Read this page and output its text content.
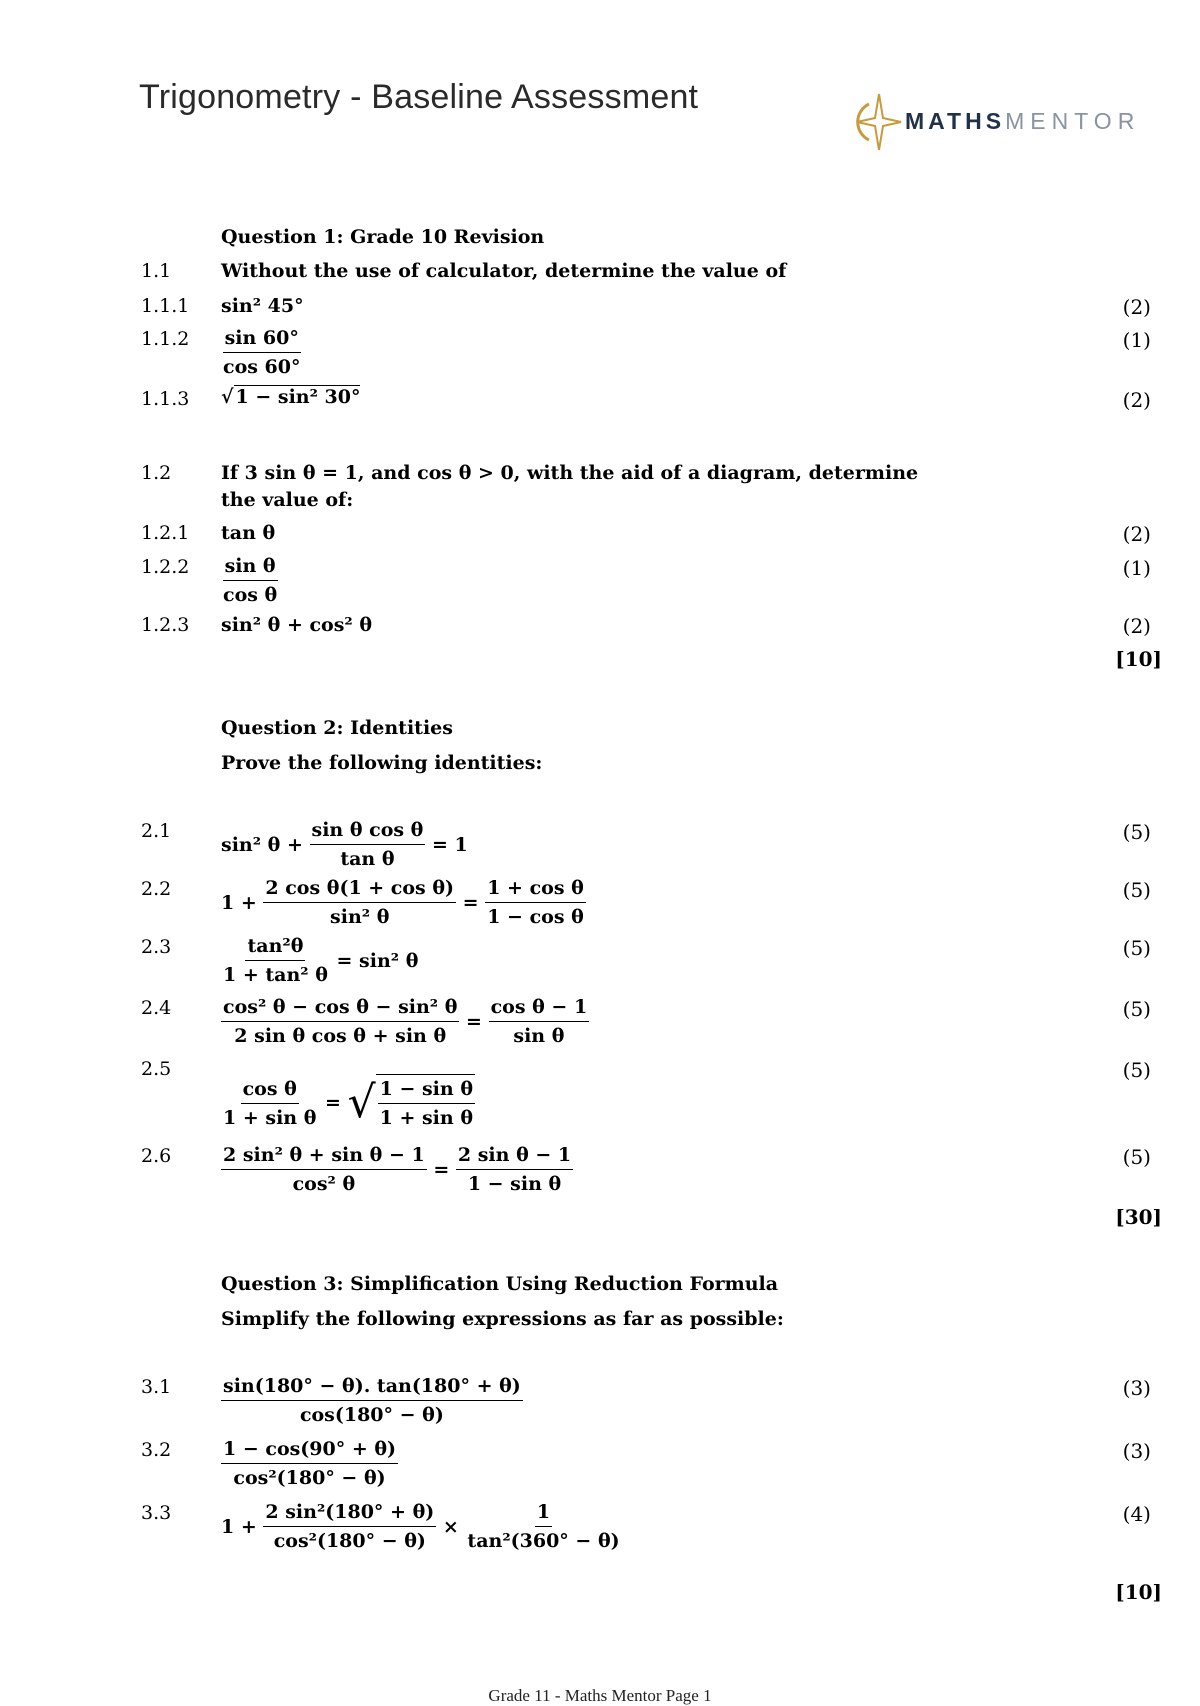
Trigonometry - Baseline Assessment
MATHSMENTOR
Question 1: Grade 10 Revision
1.1	Without the use of calculator, determine the value of
1.1.1 sin² 45°	(2)
$1.1.2 \frac{\sin 60^\circ}{\cos 60^\circ}$	(1)
1.1.3 √ 1 − sin² 30°	(2)
1.2	If 3 sin θ = 1, and cos θ > 0, with the aid of a diagram, determine
the value of:
1.2.1 tan θ	(2)
$1.2.2 \frac{\text{sin θ}}{\text{cos θ}}$	(1)
1.2.3 sin² θ + cos² θ	(2)
[10]
Question 2: Identities
Prove the following identities:
2.1
sin² θ +
$\frac{\text{sin θ cos θ}}{\text{tan θ}}$
= 1
(5)
2.2
1 +
$\frac{\text{2 cos θ(1 + cos θ)}}{\text{sin² θ}}$
=
$\frac{\text{1 + cos θ}}{\text{1 − cos θ}}$	(5)
2.3	$\frac{\text{tan²θ}}{\text{1 + tan² θ}}$
= sin² θ
(5)
2.4	$\frac{\text{cos² θ − cos θ − sin² θ}}{\text{2 sin θ cos θ + sin θ}}$
=
$\frac{\text{cos θ − 1}}{\text{sin θ}}$	(5)
2.5
$\frac{\text{cos θ}}{\text{1 + sin θ}}$
=
√ $\frac{\text{1 − sin θ}}{\text{1 + sin θ}}$
(5)
2.6	$\frac{\text{2 sin² θ + sin θ − 1}}{\text{cos² θ}}$
=
$\frac{\text{2 sin θ − 1}}{\text{1 − sin θ}}$	(5)
[30]
Question 3: Simplification Using Reduction Formula
Simplify the following expressions as far as possible:
3.1	$\frac{\sin(180^\circ - \theta). \tan(180^\circ + \theta)}{\cos(180^\circ - \theta)}$	(3)
3.2	$\frac{1 - \cos(90^\circ + \theta)}{\text{cos²(180° − θ)}}$	(3)
3.3
1 +
$\frac{\text{2 sin²(180° + θ)}}{\text{cos²(180° − θ)}}$
×
$\frac{1}{\text{tan²(360° − θ)}}$	(4)
[10]
Grade 11 - Maths Mentor Page 1
